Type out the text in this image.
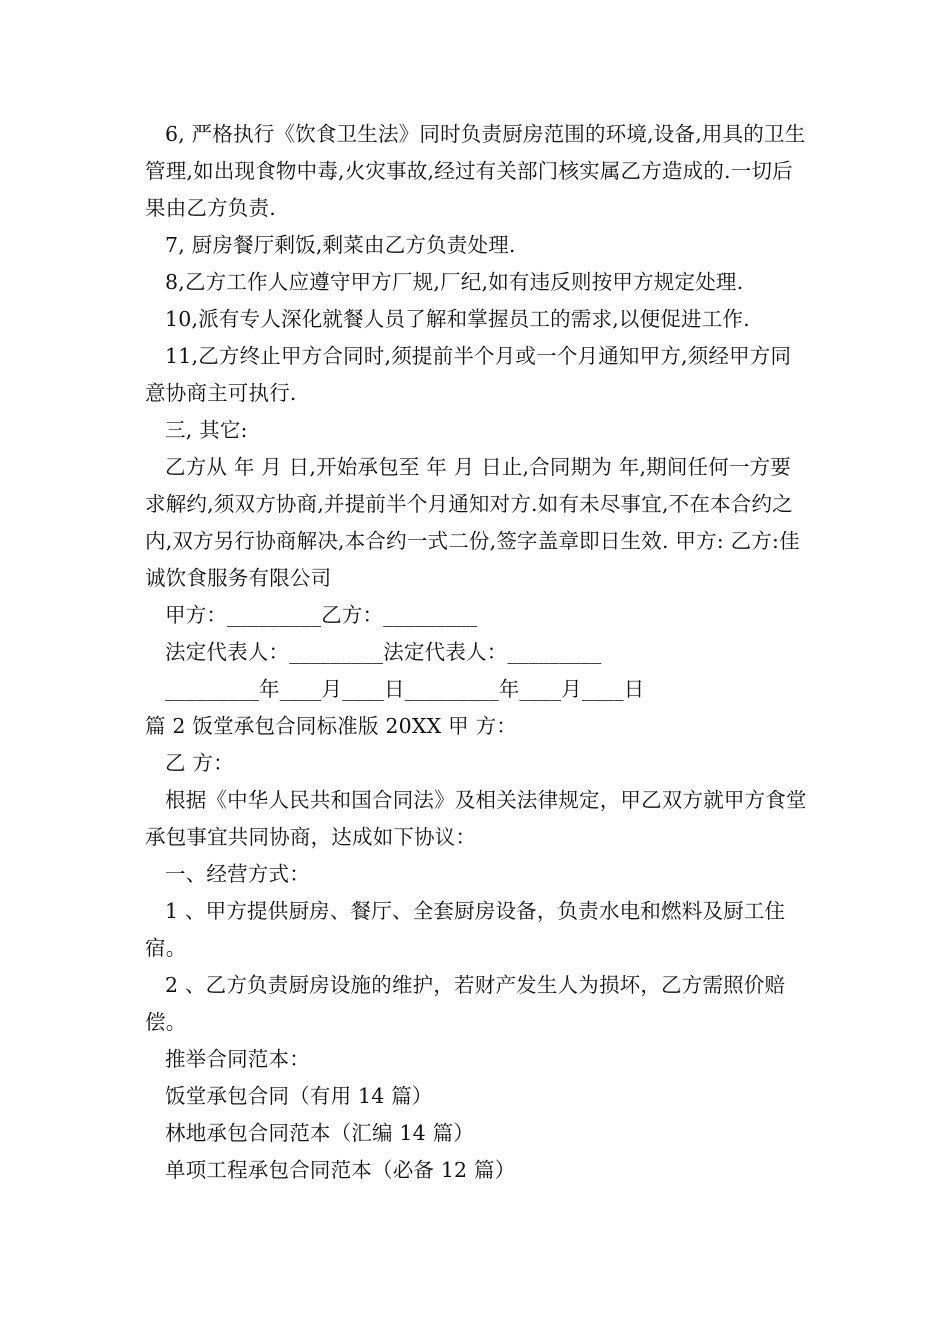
6, 严格执行《饮食卫生法》同时负责厨房范围的环境,设备,用具的卫生管理,如出现食物中毒,火灾事故,经过有关部门核实属乙方造成的.一切后果由乙方负责.

7, 厨房餐厅剩饭,剩菜由乙方负责处理.

8,乙方工作人应遵守甲方厂规,厂纪,如有违反则按甲方规定处理.

10,派有专人深化就餐人员了解和掌握员工的需求,以便促进工作.

11,乙方终止甲方合同时,须提前半个月或一个月通知甲方,须经甲方同意协商主可执行.

三, 其它:

乙方从 年 月 日,开始承包至 年 月 日止,合同期为 年,期间任何一方要求解约,须双方协商,并提前半个月通知对方.如有未尽事宜,不在本合约之内,双方另行协商解决,本合约一式二份,签字盖章即日生效. 甲方: 乙方:佳诚饮食服务有限公司

甲方：_________乙方：_________

法定代表人：_________法定代表人：_________

_________年____月____日_________年____月____日

篇 2 饭堂承包合同标准版 20XX 甲 方：

乙 方：

根据《中华人民共和国合同法》及相关法律规定，甲乙双方就甲方食堂承包事宜共同协商，达成如下协议：

一、经营方式：

1 、甲方提供厨房、餐厅、全套厨房设备，负责水电和燃料及厨工住宿。

2 、乙方负责厨房设施的维护，若财产发生人为损坏，乙方需照价赔偿。

推举合同范本：

饭堂承包合同（有用 14 篇）

林地承包合同范本（汇编 14 篇）

单项工程承包合同范本（必备 12 篇）
